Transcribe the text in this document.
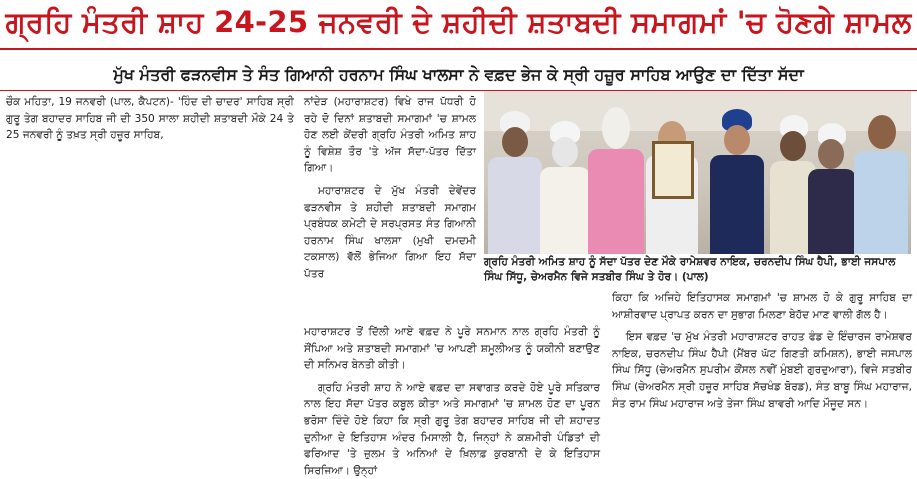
ਗ੍ਰਹਿ ਮੰਤਰੀ ਸ਼ਾਹ 24-25 ਜਨਵਰੀ ਦੇ ਸ਼ਹੀਦੀ ਸ਼ਤਾਬਦੀ ਸਮਾਗਮਾਂ 'ਚ ਹੋਣਗੇ ਸ਼ਾਮਲ
ਮੁੱਖ ਮੰਤਰੀ ਫੜਨਵੀਸ ਤੇ ਸੰਤ ਗਿਆਨੀ ਹਰਨਾਮ ਸਿੰਘ ਖਾਲਸਾ ਨੇ ਵਫ਼ਦ ਭੇਜ ਕੇ ਸ੍ਰੀ ਹਜ਼ੂਰ ਸਾਹਿਬ ਆਉਣ ਦਾ ਦਿੱਤਾ ਸੱਦਾ

ਚੌਕ ਮਹਿਤਾ, 19 ਜਨਵਰੀ (ਪਾਲ, ਕੈਪਟਨ)- 'ਹਿੰਦ ਦੀ ਚਾਦਰ' ਸਾਹਿਬ ਸ੍ਰੀ ਗੁਰੂ ਤੇਗ ਬਹਾਦਰ ਸਾਹਿਬ ਜੀ ਦੀ 350 ਸਾਲਾ ਸ਼ਹੀਦੀ ਸ਼ਤਾਬਦੀ ਮੌਕੇ 24 ਤੇ 25 ਜਨਵਰੀ ਨੂੰ ਤਖ਼ਤ ਸ੍ਰੀ ਹਜ਼ੂਰ ਸਾਹਿਬ,

ਨਾਂਦੇੜ (ਮਹਾਰਾਸ਼ਟਰ) ਵਿਖੇ ਰਾਜ ਪੱਧਰੀ ਹੋ ਰਹੇ ਦੋ ਦਿਨਾਂ ਸ਼ਤਾਬਦੀ ਸਮਾਗਮਾਂ 'ਚ ਸ਼ਾਮਲ ਹੋਣ ਲਈ ਕੇਂਦਰੀ ਗ੍ਰਹਿ ਮੰਤਰੀ ਅਮਿਤ ਸ਼ਾਹ ਨੂੰ ਵਿਸ਼ੇਸ਼ ਤੌਰ 'ਤੇ ਅੱਜ ਸੱਦਾ-ਪੱਤਰ ਦਿੱਤਾ ਗਿਆ।

ਮਹਾਰਾਸ਼ਟਰ ਦੇ ਮੁੱਖ ਮੰਤਰੀ ਦੇਵੇਂਦਰ ਫੜਨਵੀਸ ਤੇ ਸ਼ਹੀਦੀ ਸ਼ਤਾਬਦੀ ਸਮਾਗਮ ਪ੍ਰਬੰਧਕ ਕਮੇਟੀ ਦੇ ਸਰਪ੍ਰਸਤ ਸੰਤ ਗਿਆਨੀ ਹਰਨਾਮ ਸਿੰਘ ਖਾਲਸਾ (ਮੁਖੀ ਦਮਦਮੀ ਟਕਸਾਲ) ਵੱਲੋਂ ਭੇਜਿਆ ਗਿਆ ਇਹ ਸੱਦਾ ਪੱਤਰ

ਗ੍ਰਹਿ ਮੰਤਰੀ ਅਮਿਤ ਸ਼ਾਹ ਨੂੰ ਸੱਦਾ ਪੱਤਰ ਦੇਣ ਮੌਕੇ ਰਾਮੇਸ਼ਵਰ ਨਾਇਕ, ਚਰਨਦੀਪ ਸਿੰਘ ਹੈਪੀ, ਭਾਈ ਜਸਪਾਲ ਸਿੰਘ ਸਿੱਧੂ, ਚੇਅਰਮੈਨ ਵਿਜੇ ਸਤਬੀਰ ਸਿੰਘ ਤੇ ਹੋਰ। (ਪਾਲ)

ਮਹਾਰਾਸ਼ਟਰ ਤੋਂ ਦਿੱਲੀ ਆਏ ਵਫ਼ਦ ਨੇ ਪੂਰੇ ਸਨਮਾਨ ਨਾਲ ਗ੍ਰਹਿ ਮੰਤਰੀ ਨੂੰ ਸੌਂਪਿਆ ਅਤੇ ਸ਼ਤਾਬਦੀ ਸਮਾਗਮਾਂ 'ਚ ਆਪਣੀ ਸ਼ਮੂਲੀਅਤ ਨੂੰ ਯਕੀਨੀ ਬਣਾਉਣ ਦੀ ਸਨਿਮਰ ਬੇਨਤੀ ਕੀਤੀ।

ਗ੍ਰਹਿ ਮੰਤਰੀ ਸ਼ਾਹ ਨੇ ਆਏ ਵਫ਼ਦ ਦਾ ਸਵਾਗਤ ਕਰਦੇ ਹੋਏ ਪੂਰੇ ਸਤਿਕਾਰ ਨਾਲ ਇਹ ਸੱਦਾ ਪੱਤਰ ਕਬੂਲ ਕੀਤਾ ਅਤੇ ਸਮਾਗਮਾਂ 'ਚ ਸ਼ਾਮਲ ਹੋਣ ਦਾ ਪੂਰਨ ਭਰੋਸਾ ਦਿੰਦੇ ਹੋਏ ਕਿਹਾ ਕਿ ਸ੍ਰੀ ਗੁਰੂ ਤੇਗ ਬਹਾਦਰ ਸਾਹਿਬ ਜੀ ਦੀ ਸ਼ਹਾਦਤ ਦੁਨੀਆ ਦੇ ਇਤਿਹਾਸ ਅੰਦਰ ਮਿਸਾਲੀ ਹੈ, ਜਿਨ੍ਹਾਂ ਨੇ ਕਸ਼ਮੀਰੀ ਪੰਡਿਤਾਂ ਦੀ ਫਰਿਆਦ 'ਤੇ ਜ਼ੁਲਮ ਤੇ ਅਨਿਆਂ ਦੇ ਖ਼ਿਲਾਫ਼ ਕੁਰਬਾਨੀ ਦੇ ਕੇ ਇਤਿਹਾਸ ਸਿਰਜਿਆ। ਉਨ੍ਹਾਂ

ਕਿਹਾ ਕਿ ਅਜਿਹੇ ਇਤਿਹਾਸਕ ਸਮਾਗਮਾਂ 'ਚ ਸ਼ਾਮਲ ਹੋ ਕੇ ਗੁਰੂ ਸਾਹਿਬ ਦਾ ਆਸ਼ੀਰਵਾਦ ਪ੍ਰਾਪਤ ਕਰਨ ਦਾ ਸੁਭਾਗ ਮਿਲਣਾ ਬੇਹੱਦ ਮਾਣ ਵਾਲੀ ਗੱਲ ਹੈ।

ਇਸ ਵਫ਼ਦ 'ਚ ਮੁੱਖ ਮੰਤਰੀ ਮਹਾਰਾਸ਼ਟਰ ਰਾਹਤ ਫੰਡ ਦੇ ਇੰਚਾਰਜ ਰਾਮੇਸ਼ਵਰ ਨਾਇਕ, ਚਰਨਦੀਪ ਸਿੰਘ ਹੈਪੀ (ਮੈਂਬਰ ਘੱਟ ਗਿਣਤੀ ਕਮਿਸ਼ਨ), ਭਾਈ ਜਸਪਾਲ ਸਿੰਘ ਸਿੱਧੂ (ਚੇਅਰਮੈਨ ਸੁਪਰੀਮ ਕੌਂਸਲ ਨਵੀਂ ਮੁੰਬਈ ਗੁਰਦੁਆਰਾ), ਵਿਜੇ ਸਤਬੀਰ ਸਿੰਘ (ਚੇਅਰਮੈਨ ਸ੍ਰੀ ਹਜ਼ੂਰ ਸਾਹਿਬ ਸੱਚਖੰਡ ਬੋਰਡ), ਸੰਤ ਬਾਬੂ ਸਿੰਘ ਮਹਾਰਾਜ, ਸੰਤ ਰਾਮ ਸਿੰਘ ਮਹਾਰਾਜ ਅਤੇ ਤੇਜਾ ਸਿੰਘ ਬਾਵਰੀ ਆਦਿ ਮੌਜੂਦ ਸਨ।
